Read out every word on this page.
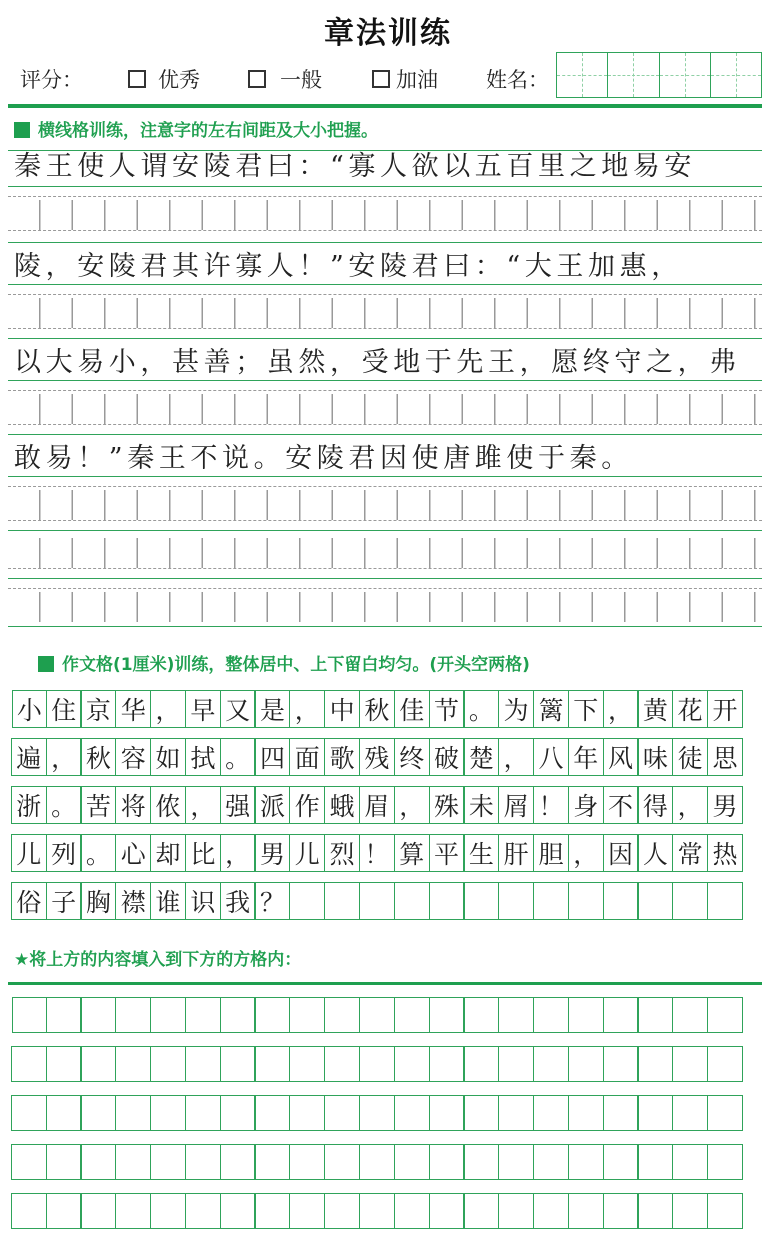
章法训练
评分：	优秀	一般	加油 姓名：
横线格训练，注意字的左右间距及大小把握。
秦王使人谓安陵君曰：“寡人欲以五百里之地易安
陵，安陵君其许寡人！”安陵君曰：“大王加惠，
以大易小，甚善；虽然，受地于先王，愿终守之，弗
敢易！”秦王不说。安陵君因使唐雎使于秦。
作文格(1厘米)训练，整体居中、上下留白均匀。(开头空两格)
小 住 京 华 ， 早 又 是 ， 中 秋 佳 节 。 为 篱 下 ， 黄 花 开
遍 ， 秋 容 如 拭 。 四 面 歌 残 终 破 楚 ， 八 年 风 味 徒 思
浙 。 苦 将 侬 ， 强 派 作 蛾 眉 ， 殊 未 屑 ！ 身 不 得 ， 男
儿 列 。 心 却 比 ， 男 儿 烈 ！ 算 平 生 肝 胆 ， 因 人 常 热
俗 子 胸 襟 谁 识 我 ？
★将上方的内容填入到下方的方格内：
